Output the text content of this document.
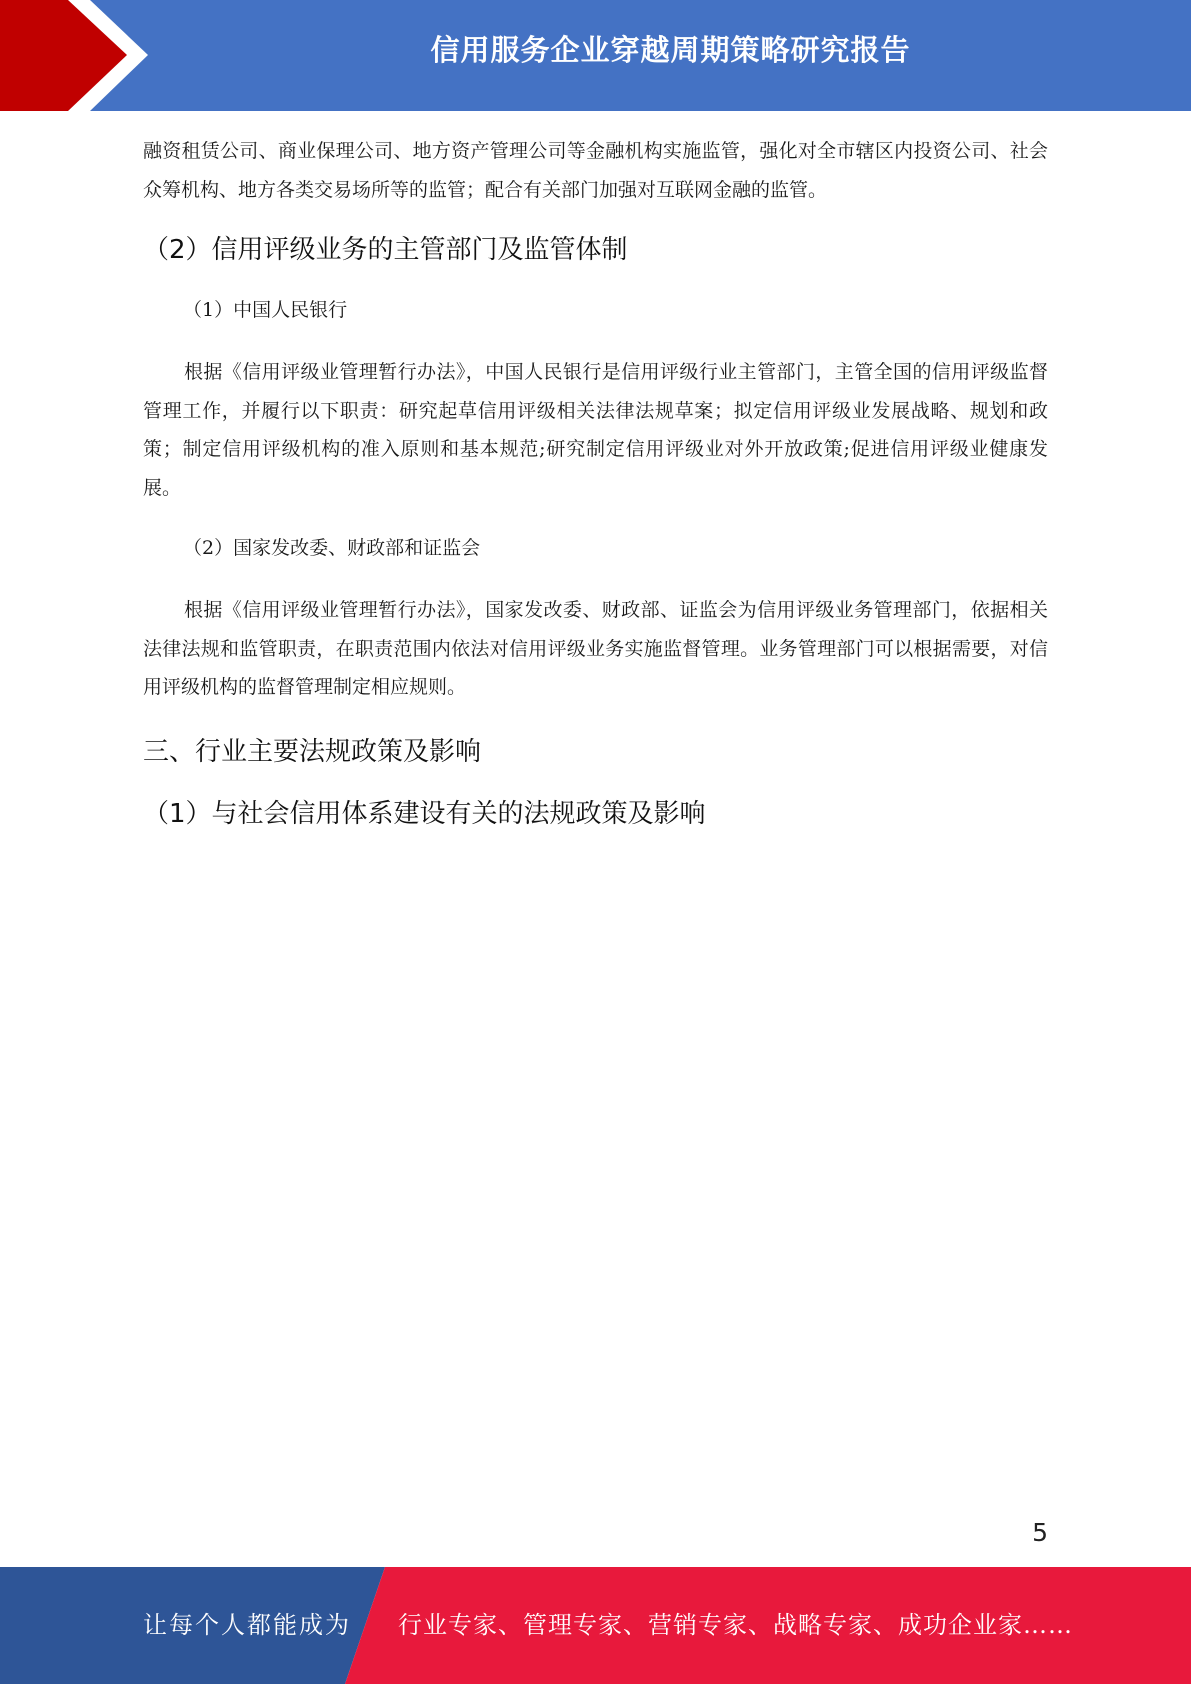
信用服务企业穿越周期策略研究报告

融资租赁公司、商业保理公司、地方资产管理公司等金融机构实施监管，强化对全市辖区内投资公司、社会众筹机构、地方各类交易场所等的监管；配合有关部门加强对互联网金融的监管。

（2）信用评级业务的主管部门及监管体制
（1）中国人民银行

根据《信用评级业管理暂行办法》，中国人民银行是信用评级行业主管部门，主管全国的信用评级监督管理工作，并履行以下职责：研究起草信用评级相关法律法规草案；拟定信用评级业发展战略、规划和政策；制定信用评级机构的准入原则和基本规范;研究制定信用评级业对外开放政策;促进信用评级业健康发展。

（2）国家发改委、财政部和证监会

根据《信用评级业管理暂行办法》，国家发改委、财政部、证监会为信用评级业务管理部门，依据相关法律法规和监管职责，在职责范围内依法对信用评级业务实施监督管理。业务管理部门可以根据需要，对信用评级机构的监督管理制定相应规则。

三、行业主要法规政策及影响
（1）与社会信用体系建设有关的法规政策及影响
5
让每个人都能成为 行业专家、管理专家、营销专家、战略专家、成功企业家……
